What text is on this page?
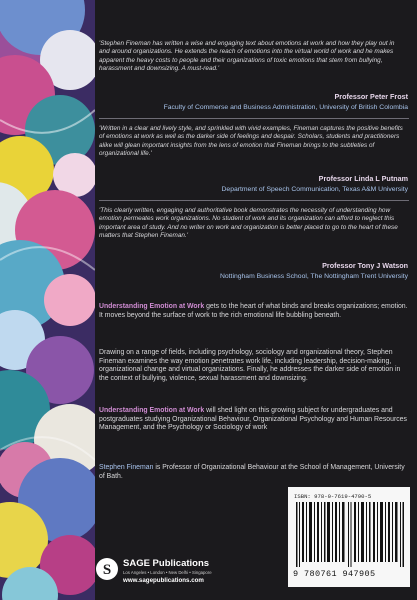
'Stephen Fineman has written a wise and engaging text about emotions at work and how they play out in and around organizations. He extends the reach of emotions into the virtual world of work and he makes apparent the heavy costs to people and their organizations of toxic emotions that stem from bullying, harassment and downsizing. A must-read.'
Professor Peter Frost
Faculty of Commerse and Business Administration, University of British Colombia
'Written in a clear and lively style, and sprinkled with vivid examples, Fineman captures the positive benefits of emotions at work as well as the darker side of feelings and despair. Scholars, students and practitioners alike will glean important insights from the lens of emotion that Fineman brings to the subtleties of organizational life.'
Professor Linda L Putnam
Department of Speech Communication, Texas A&M University
'This clearly written, engaging and authoritative book demonstrates the necessity of understanding how emotion permeates work organizations. No student of work and its organization can afford to neglect this important area of study. And no writer on work and organization is better placed to go to the heart of these matters that Stephen Fineman.'
Professor Tony J Watson
Nottingham Business School, The Nottingham Trent University
Understanding Emotion at Work gets to the heart of what binds and breaks organizations; emotion. It moves beyond the surface of work to the rich emotional life bubbling beneath.
Drawing on a range of fields, including psychology, sociology and organizational theory, Stephen Fineman examines the way emotion penetrates work life, including leadership, decision-making, organizational change and virtual organizations. Finally, he addresses the darker side of emotion in the context of bullying, violence, sexual harassment and downsizing.
Understanding Emotion at Work will shed light on this growing subject for undergraduates and postgraduates studying Organizational Behaviour, Organizational Psychology and Human Resources Management, and the Psychology or Sociology of work
Stephen Fineman is Professor of Organizational Behaviour at the School of Management, University of Bath.
S SAGE Publications
Los Angeles • London • New Delhi • Singapore
www.sagepublications.com
ISBN: 978-0-7619-4790-5
9 780761 947905
